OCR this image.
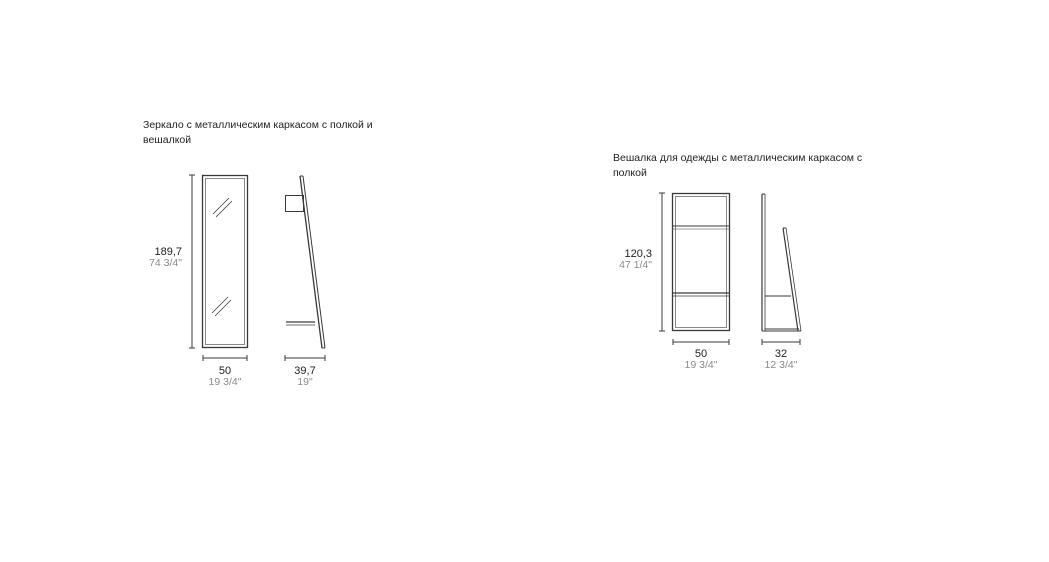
Зеркало с металлическим каркасом с полкой и вешалкой
Вешалка для одежды с металлическим каркасом с полкой
189,7
74 3/4"
50
19 3/4"
39,7
19"
120,3
47 1/4"
50
19 3/4"
32
12 3/4"
